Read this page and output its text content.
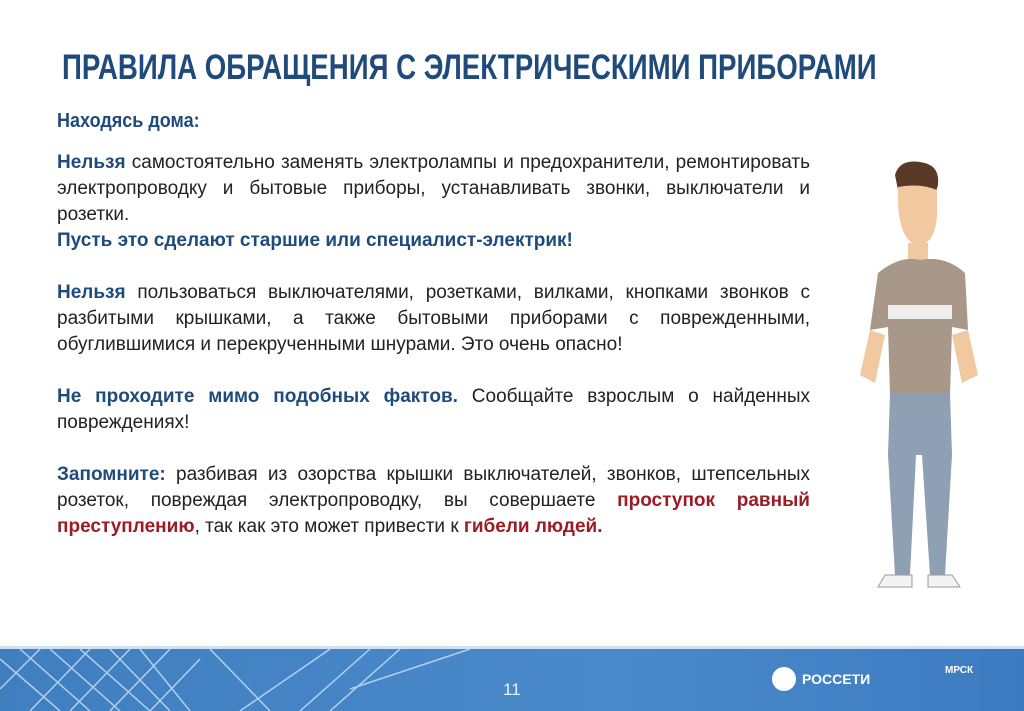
ПРАВИЛА ОБРАЩЕНИЯ С ЭЛЕКТРИЧЕСКИМИ ПРИБОРАМИ
Находясь дома:

Нельзя самостоятельно заменять электролампы и предохранители, ремонтировать электропроводку и бытовые приборы, устанавливать звонки, выключатели и розетки.
Пусть это сделают старшие или специалист-электрик!

Нельзя пользоваться выключателями, розетками, вилками, кнопками звонков с разбитыми крышками, а также бытовыми приборами с поврежденными, обуглившимися и перекрученными шнурами. Это очень опасно!

Не проходите мимо подобных фактов. Сообщайте взрослым о найденных повреждениях!

Запомните: разбивая из озорства крышки выключателей, звонков, штепсельных розеток, повреждая электропроводку, вы совершаете проступок равный преступлению, так как это может привести к гибели людей.

11
РОССЕТИ
МРСК
